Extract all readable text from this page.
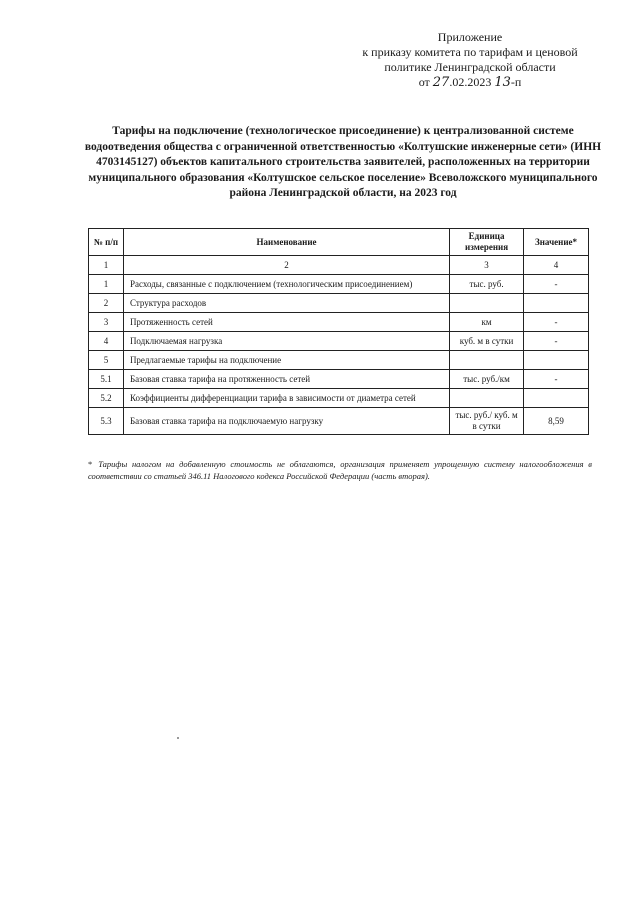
Приложение
к приказу комитета по тарифам и ценовой
политике Ленинградской области
от 27.02.2023 13-п
Тарифы на подключение (технологическое присоединение) к централизованной системе водоотведения общества с ограниченной ответственностью «Колтушские инженерные сети» (ИНН 4703145127) объектов капитального строительства заявителей, расположенных на территории муниципального образования «Колтушское сельское поселение» Всеволожского муниципального района Ленинградской области, на 2023 год
№ п/п	Наименование	Единица измерения	Значение*
1	2	3	4
1	Расходы, связанные с подключением (технологическим присоединением)	тыс. руб.	-
2	Структура расходов		
3	Протяженность сетей	км	-
4	Подключаемая нагрузка	куб. м в сутки	-
5	Предлагаемые тарифы на подключение		
5.1	Базовая ставка тарифа на протяженность сетей	тыс. руб./км	-
5.2	Коэффициенты дифференциации тарифа в зависимости от диаметра сетей		
5.3	Базовая ставка тарифа на подключаемую нагрузку	тыс. руб./ куб. м в сутки	8,59
* Тарифы налогом на добавленную стоимость не облагаются, организация применяет упрощенную систему налогообложения в соответствии со статьей 346.11 Налогового кодекса Российской Федерации (часть вторая).
